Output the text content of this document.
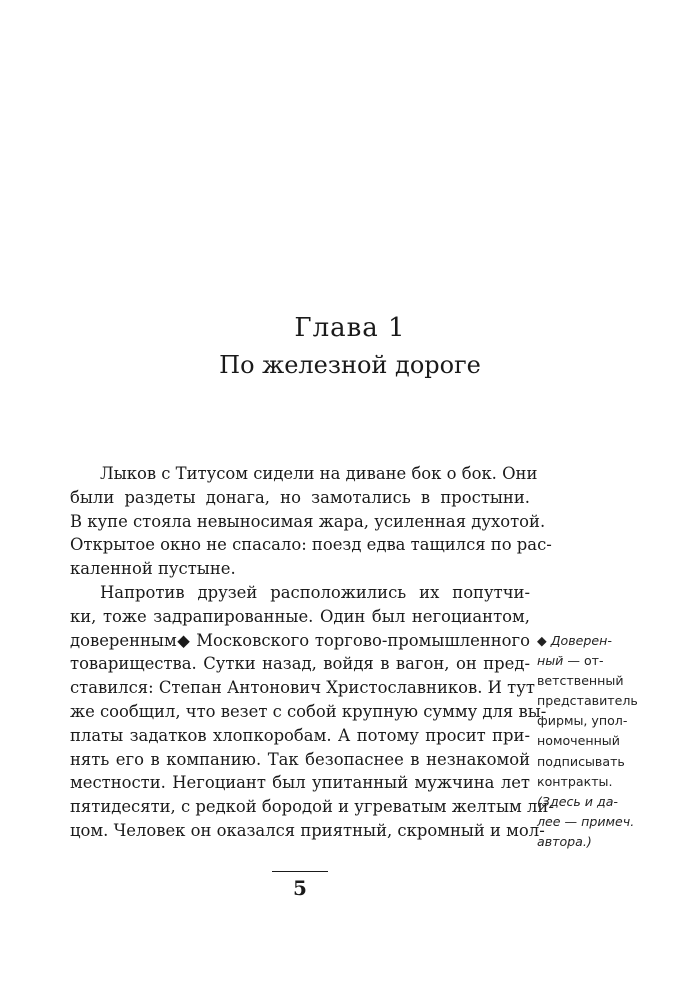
Глава 1
По железной дороге
Лыков с Титусом сидели на диване бок о бок. Они
были раздеты донага, но замотались в простыни.
В купе стояла невыносимая жара, усиленная духотой.
Открытое окно не спасало: поезд едва тащился по рас-
каленной пустыне.
Напротив друзей расположились их попутчи-
ки, тоже задрапированные. Один был негоциантом,
доверенным◆ Московского торгово-промышленного
товарищества. Сутки назад, войдя в вагон, он пред-
ставился: Степан Антонович Христославников. И тут
же сообщил, что везет с собой крупную сумму для вы-
платы задатков хлопкоробам. А потому просит при-
нять его в компанию. Так безопаснее в незнакомой
местности. Негоциант был упитанный мужчина лет
пятидесяти, с редкой бородой и угреватым желтым ли-
цом. Человек он оказался приятный, скромный и мол-
◆ Доверен-
ный — от-
ветственный
представитель
фирмы, упол-
номоченный
подписывать
контракты.
(Здесь и да-
лее — примеч.
автора.)
5
